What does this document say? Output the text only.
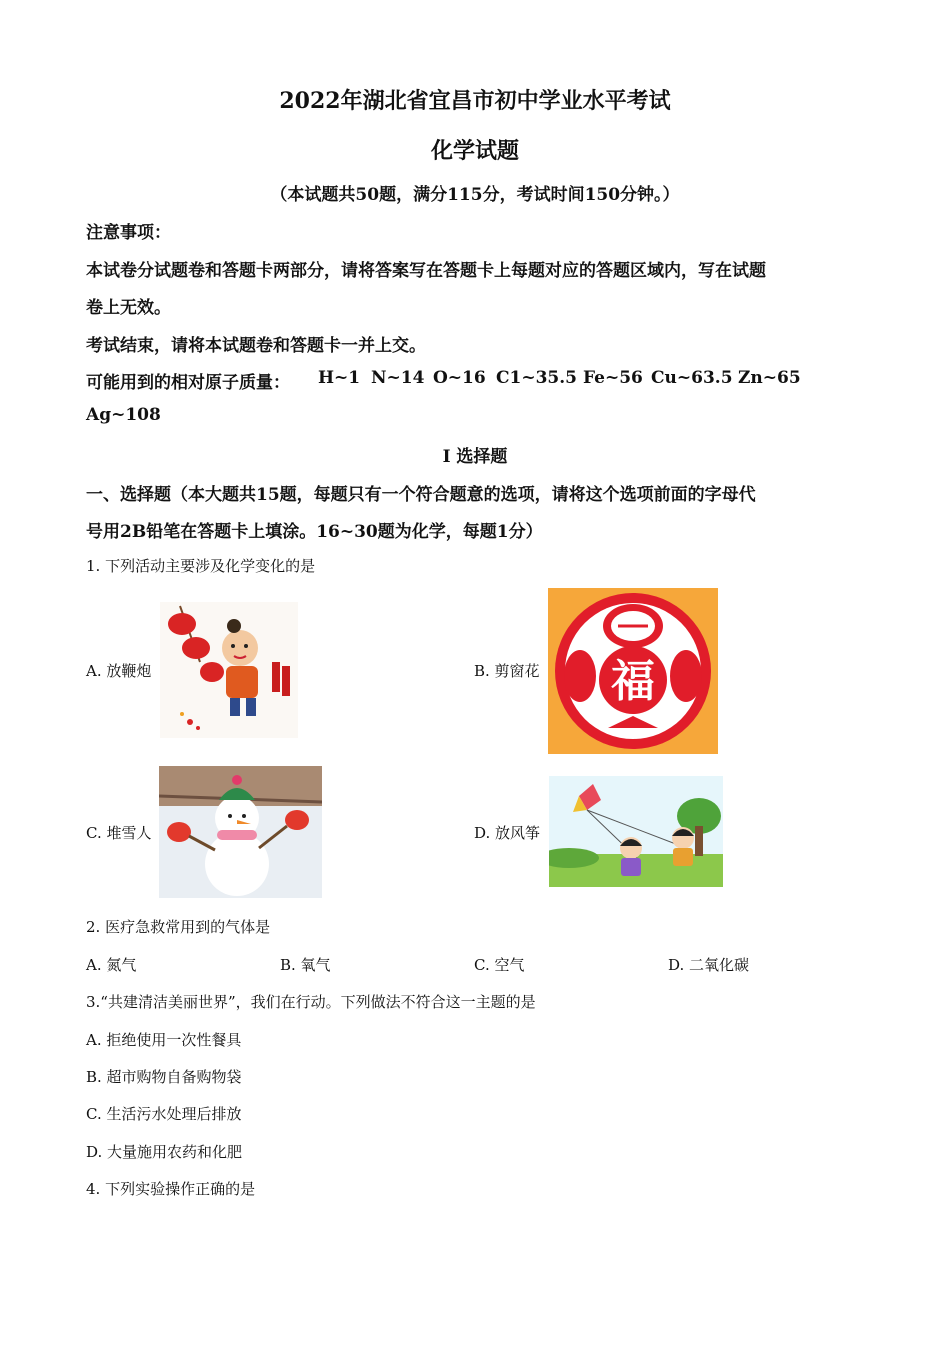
2022年湖北省宜昌市初中学业水平考试
化学试题
（本试题共50题，满分115分，考试时间150分钟。）
注意事项：
本试卷分试题卷和答题卡两部分，请将答案写在答题卡上每题对应的答题区域内，写在试题
卷上无效。
考试结束，请将本试题卷和答题卡一并上交。
可能用到的相对原子质量： H~1 N~14 O~16 C1~35.5 Fe~56 Cu~63.5 Zn~65
Ag~108
I 选择题
一、选择题（本大题共15题，每题只有一个符合题意的选项，请将这个选项前面的字母代
号用2B铅笔在答题卡上填涂。16~30题为化学，每题1分）
1. 下列活动主要涉及化学变化的是
A. 放鞭炮	B. 剪窗花 福
C. 堆雪人	D. 放风筝
2. 医疗急救常用到的气体是
A. 氮气	B. 氧气	C. 空气	D. 二氧化碳
3.“共建清洁美丽世界”，我们在行动。下列做法不符合这一主题的是
A. 拒绝使用一次性餐具
B. 超市购物自备购物袋
C. 生活污水处理后排放
D. 大量施用农药和化肥
4. 下列实验操作正确的是
